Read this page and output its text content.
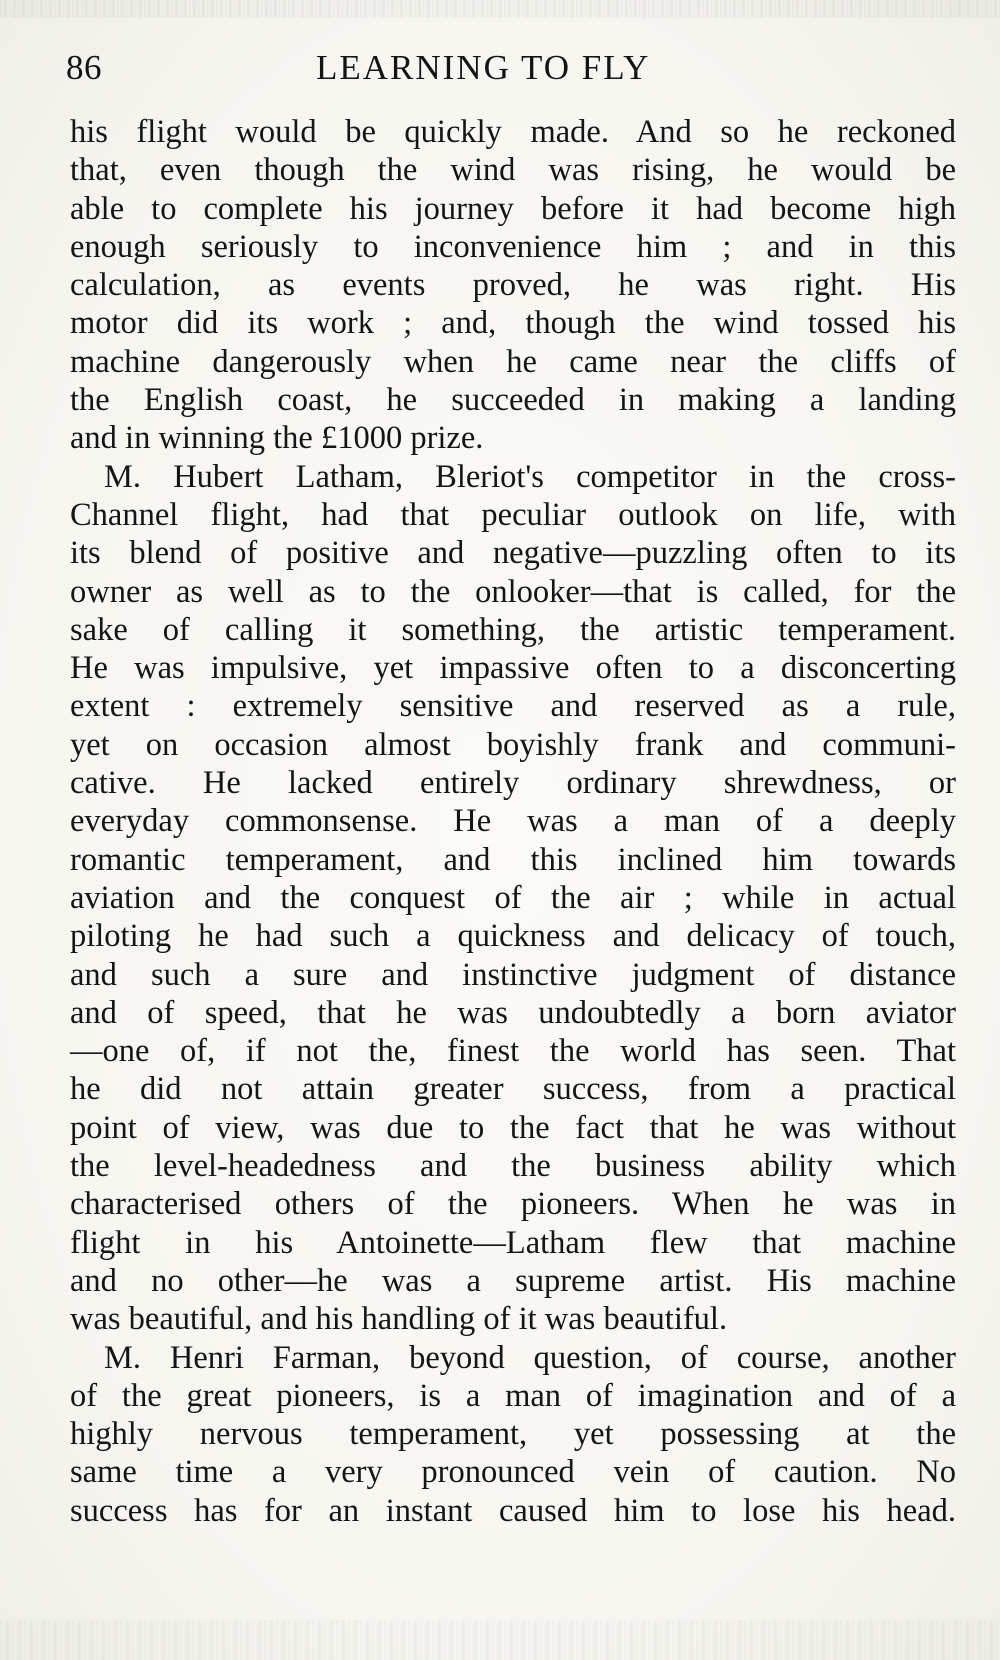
86	LEARNING TO FLY
his flight would be quickly made. And so he reckoned
that, even though the wind was rising, he would be
able to complete his journey before it had become high
enough seriously to inconvenience him ; and in this
calculation, as events proved, he was right. His
motor did its work ; and, though the wind tossed his
machine dangerously when he came near the cliffs of
the English coast, he succeeded in making a landing
and in winning the £1000 prize.
M. Hubert Latham, Bleriot's competitor in the cross-
Channel flight, had that peculiar outlook on life, with
its blend of positive and negative—puzzling often to its
owner as well as to the onlooker—that is called, for the
sake of calling it something, the artistic temperament.
He was impulsive, yet impassive often to a disconcerting
extent : extremely sensitive and reserved as a rule,
yet on occasion almost boyishly frank and communi-
cative. He lacked entirely ordinary shrewdness, or
everyday commonsense. He was a man of a deeply
romantic temperament, and this inclined him towards
aviation and the conquest of the air ; while in actual
piloting he had such a quickness and delicacy of touch,
and such a sure and instinctive judgment of distance
and of speed, that he was undoubtedly a born aviator
—one of, if not the, finest the world has seen. That
he did not attain greater success, from a practical
point of view, was due to the fact that he was without
the level-headedness and the business ability which
characterised others of the pioneers. When he was in
flight in his Antoinette—Latham flew that machine
and no other—he was a supreme artist. His machine
was beautiful, and his handling of it was beautiful.
M. Henri Farman, beyond question, of course, another
of the great pioneers, is a man of imagination and of a
highly nervous temperament, yet possessing at the
same time a very pronounced vein of caution. No
success has for an instant caused him to lose his head.
